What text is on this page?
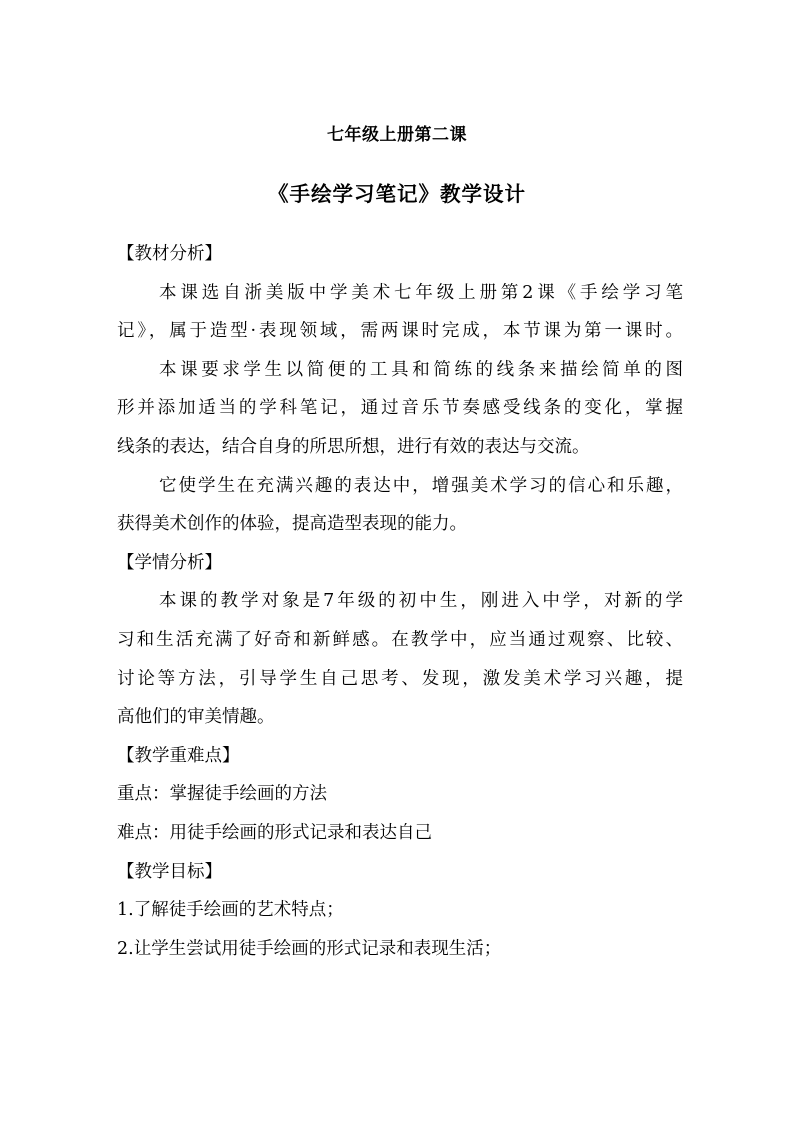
七年级上册第二课
《手绘学习笔记》教学设计
【教材分析】
本课选自浙美版中学美术七年级上册第2课《手绘学习笔
记》，属于造型·表现领域，需两课时完成，本节课为第一课时。
本课要求学生以简便的工具和简练的线条来描绘简单的图
形并添加适当的学科笔记，通过音乐节奏感受线条的变化，掌握
线条的表达，结合自身的所思所想，进行有效的表达与交流。
它使学生在充满兴趣的表达中，增强美术学习的信心和乐趣，
获得美术创作的体验，提高造型表现的能力。
【学情分析】
本课的教学对象是7年级的初中生，刚进入中学，对新的学
习和生活充满了好奇和新鲜感。在教学中，应当通过观察、比较、
讨论等方法，引导学生自己思考、发现，激发美术学习兴趣，提
高他们的审美情趣。
【教学重难点】
重点：掌握徒手绘画的方法
难点：用徒手绘画的形式记录和表达自己
【教学目标】
1.了解徒手绘画的艺术特点；
2.让学生尝试用徒手绘画的形式记录和表现生活；
